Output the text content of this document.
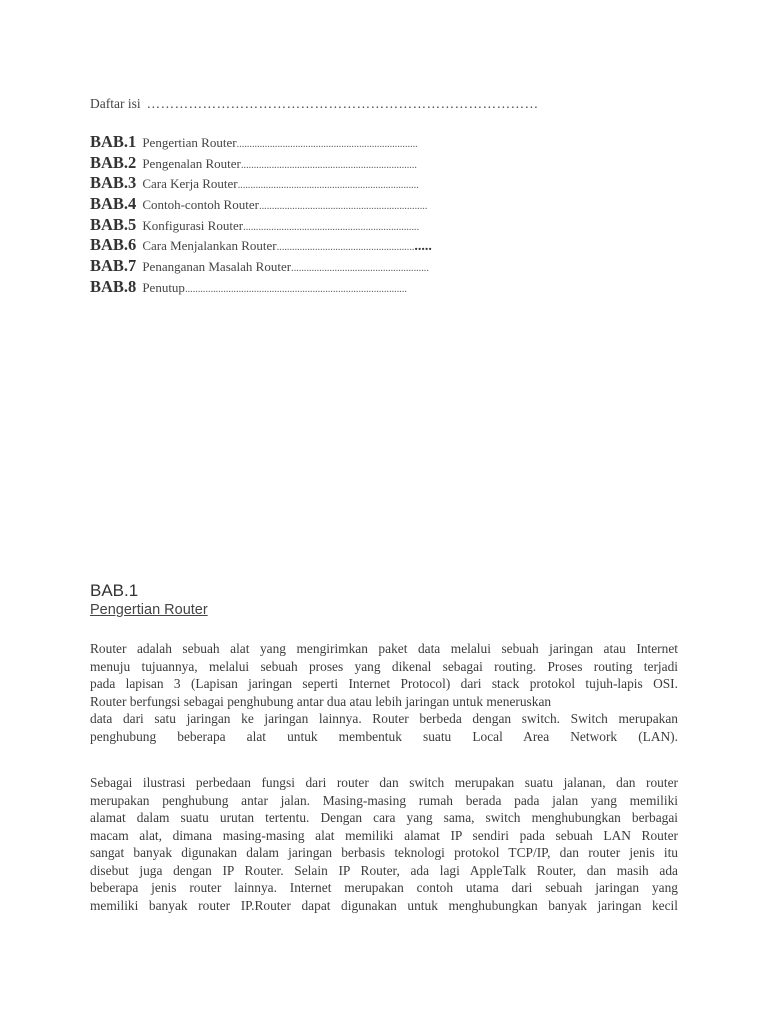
Daftar isi …………………………………………………………………………
BAB.1 Pengertian Router.......................................................................
BAB.2 Pengenalan Router.....................................................................
BAB.3 Cara Kerja Router.......................................................................
BAB.4 Contoh-contoh Router..................................................................
BAB.5 Konfigurasi Router.....................................................................
BAB.6 Cara Menjalankan Router...........................................................
BAB.7 Penanganan Masalah Router......................................................
BAB.8 Penutup.......................................................................................
BAB.1
Pengertian Router
Router adalah sebuah alat yang mengirimkan paket data melalui sebuah jaringan atau Internet
menuju tujuannya, melalui sebuah proses yang dikenal sebagai routing. Proses routing terjadi
pada lapisan 3 (Lapisan jaringan seperti Internet Protocol) dari stack protokol tujuh-lapis OSI.
Router berfungsi sebagai penghubung antar dua atau lebih jaringan untuk meneruskan
data dari satu jaringan ke jaringan lainnya. Router berbeda dengan switch. Switch merupakan
penghubung beberapa alat untuk membentuk suatu Local Area Network (LAN).
Sebagai ilustrasi perbedaan fungsi dari router dan switch merupakan suatu jalanan, dan router
merupakan penghubung antar jalan. Masing-masing rumah berada pada jalan yang memiliki
alamat dalam suatu urutan tertentu. Dengan cara yang sama, switch menghubungkan berbagai
macam alat, dimana masing-masing alat memiliki alamat IP sendiri pada sebuah LAN Router
sangat banyak digunakan dalam jaringan berbasis teknologi protokol TCP/IP, dan router jenis itu
disebut juga dengan IP Router. Selain IP Router, ada lagi AppleTalk Router, dan masih ada
beberapa jenis router lainnya. Internet merupakan contoh utama dari sebuah jaringan yang
memiliki banyak router IP.Router dapat digunakan untuk menghubungkan banyak jaringan kecil
